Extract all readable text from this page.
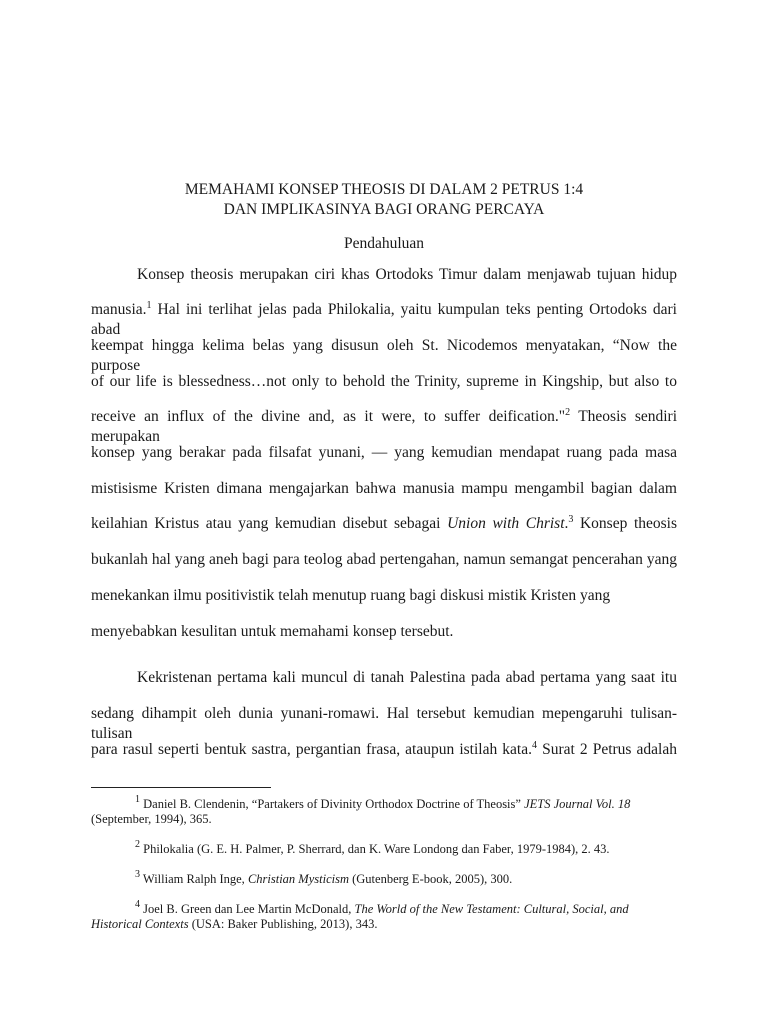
MEMAHAMI KONSEP THEOSIS DI DALAM 2 PETRUS 1:4
DAN IMPLIKASINYA BAGI ORANG PERCAYA
Pendahuluan
Konsep theosis merupakan ciri khas Ortodoks Timur dalam menjawab tujuan hidup
manusia.$^1$ Hal ini terlihat jelas pada Philokalia, yaitu kumpulan teks penting Ortodoks dari abad
keempat hingga kelima belas yang disusun oleh St. Nicodemos menyatakan, “Now the purpose
of our life is blessedness…not only to behold the Trinity, supreme in Kingship, but also to
receive an influx of the divine and, as it were, to suffer deification."$^2$ Theosis sendiri merupakan
konsep yang berakar pada filsafat yunani, — yang kemudian mendapat ruang pada masa
mistisisme Kristen dimana mengajarkan bahwa manusia mampu mengambil bagian dalam
keilahian Kristus atau yang kemudian disebut sebagai Union with Christ.$^3$ Konsep theosis
bukanlah hal yang aneh bagi para teolog abad pertengahan, namun semangat pencerahan yang
menekankan ilmu positivistik telah menutup ruang bagi diskusi mistik Kristen yang
menyebabkan kesulitan untuk memahami konsep tersebut.
Kekristenan pertama kali muncul di tanah Palestina pada abad pertama yang saat itu
sedang dihampit oleh dunia yunani-romawi. Hal tersebut kemudian mepengaruhi tulisan-tulisan
para rasul seperti bentuk sastra, pergantian frasa, ataupun istilah kata.$^4$ Surat 2 Petrus adalah
$^1$ Daniel B. Clendenin, “Partakers of Divinity Orthodox Doctrine of Theosis” JETS Journal Vol. 18
(September, 1994), 365.
$^2$ Philokalia (G. E. H. Palmer, P. Sherrard, dan K. Ware Londong dan Faber, 1979-1984), 2. 43.
$^3$ William Ralph Inge, Christian Mysticism (Gutenberg E-book, 2005), 300.
$^4$ Joel B. Green dan Lee Martin McDonald, The World of the New Testament: Cultural, Social, and
Historical Contexts (USA: Baker Publishing, 2013), 343.
